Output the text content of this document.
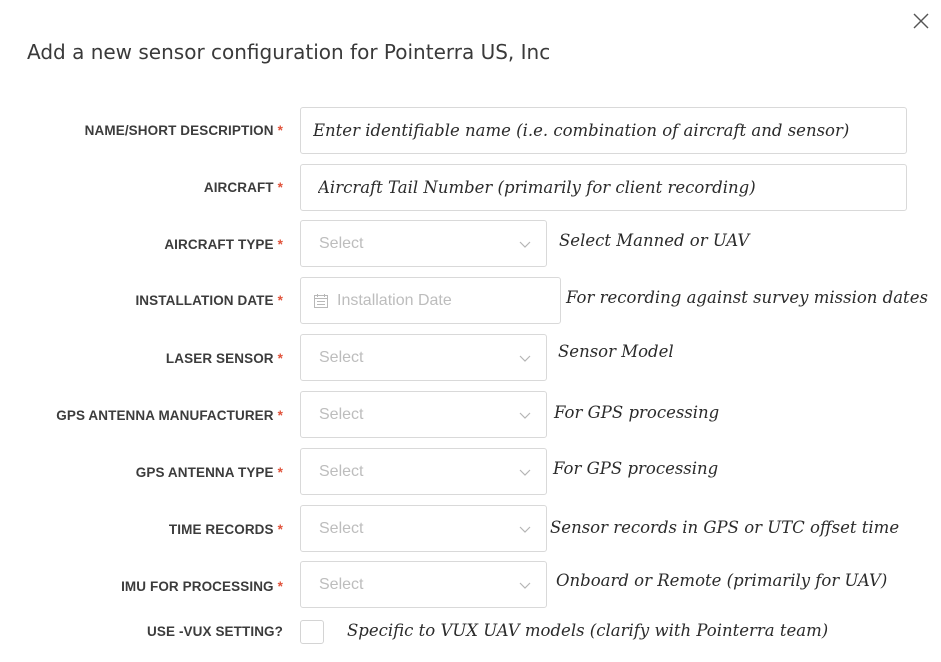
Add a new sensor configuration for Pointerra US, Inc
NAME/SHORT DESCRIPTION *
Enter identifiable name (i.e. combination of aircraft and sensor)
AIRCRAFT *
Aircraft Tail Number (primarily for client recording)
AIRCRAFT TYPE * Select	Select Manned or UAV
INSTALLATION DATE *	Installation Date	For recording against survey mission dates
LASER SENSOR * Select	Sensor Model
GPS ANTENNA MANUFACTURER * Select	For GPS processing
GPS ANTENNA TYPE * Select	For GPS processing
TIME RECORDS * Select	Sensor records in GPS or UTC offset time
IMU FOR PROCESSING * Select	Onboard or Remote (primarily for UAV)
USE -VUX SETTING?	Specific to VUX UAV models (clarify with Pointerra team)
